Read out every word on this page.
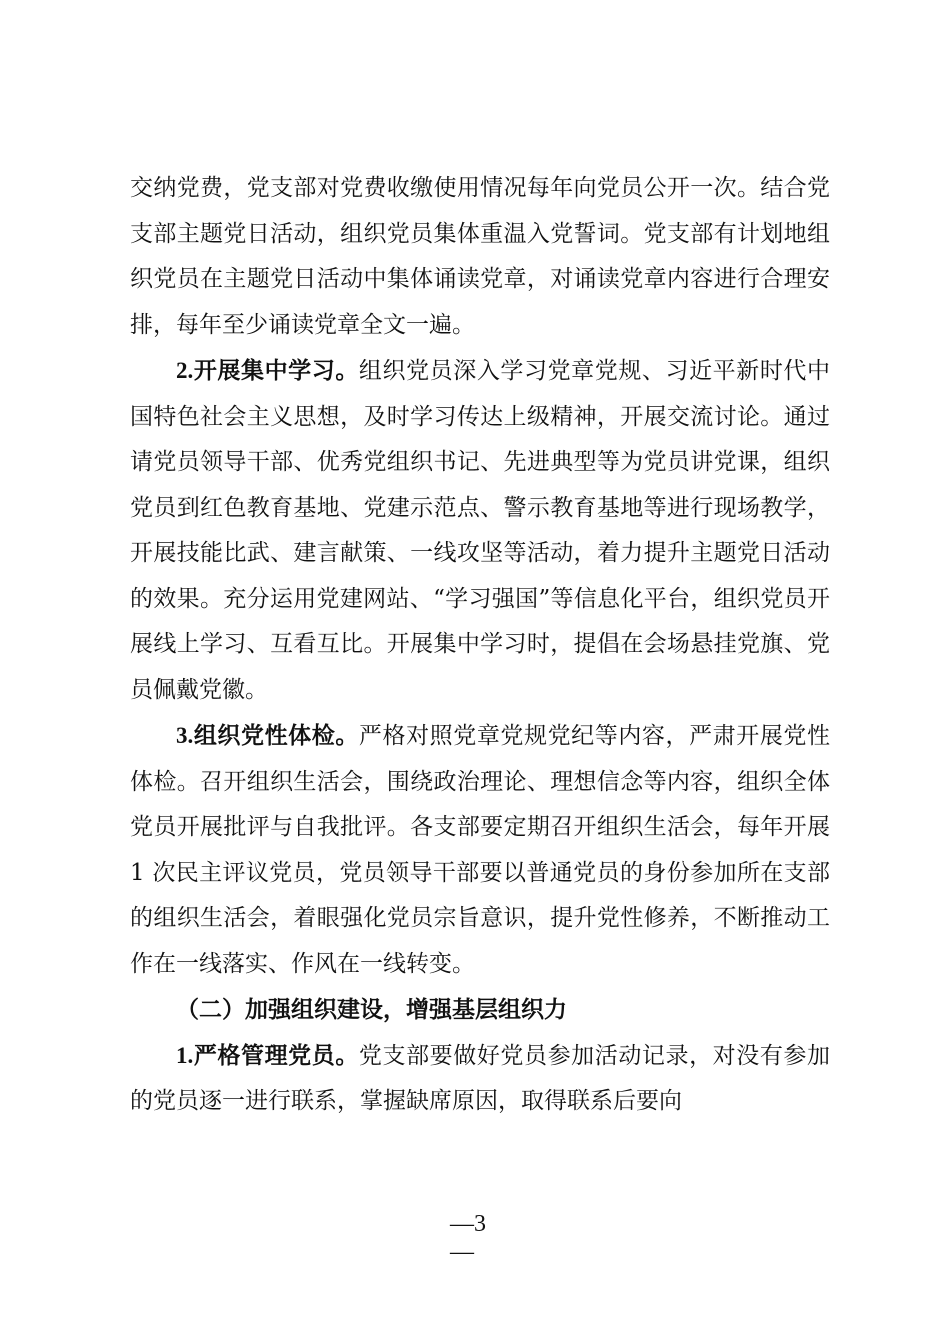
交纳党费，党支部对党费收缴使用情况每年向党员公开一次。结合党支部主题党日活动，组织党员集体重温入党誓词。党支部有计划地组织党员在主题党日活动中集体诵读党章，对诵读党章内容进行合理安排，每年至少诵读党章全文一遍。

2.开展集中学习。组织党员深入学习党章党规、习近平新时代中国特色社会主义思想，及时学习传达上级精神，开展交流讨论。通过请党员领导干部、优秀党组织书记、先进典型等为党员讲党课，组织党员到红色教育基地、党建示范点、警示教育基地等进行现场教学，开展技能比武、建言献策、一线攻坚等活动，着力提升主题党日活动的效果。充分运用党建网站、“学习强国”等信息化平台，组织党员开展线上学习、互看互比。开展集中学习时，提倡在会场悬挂党旗、党员佩戴党徽。

3.组织党性体检。严格对照党章党规党纪等内容，严肃开展党性体检。召开组织生活会，围绕政治理论、理想信念等内容，组织全体党员开展批评与自我批评。各支部要定期召开组织生活会，每年开展 1 次民主评议党员，党员领导干部要以普通党员的身份参加所在支部的组织生活会，着眼强化党员宗旨意识，提升党性修养，不断推动工作在一线落实、作风在一线转变。

（二）加强组织建设，增强基层组织力

1.严格管理党员。党支部要做好党员参加活动记录，对没有参加的党员逐一进行联系，掌握缺席原因，取得联系后要向

—3
—
